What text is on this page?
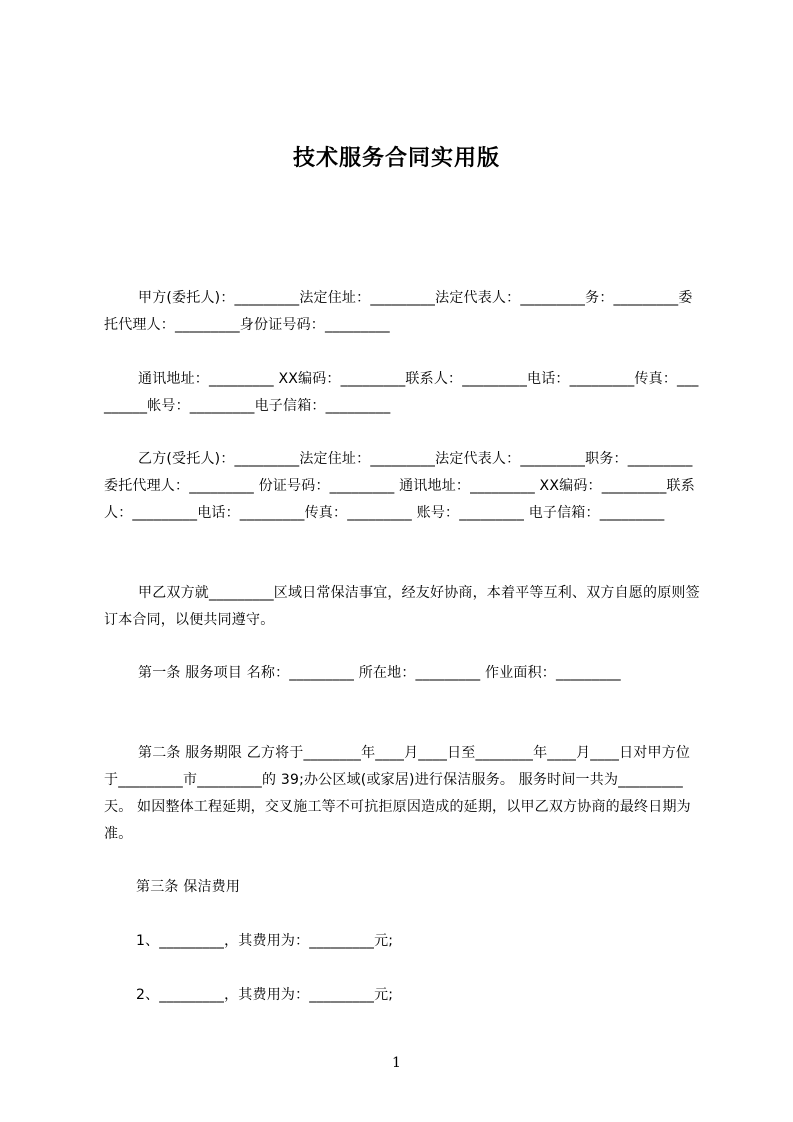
技术服务合同实用版
甲方(委托人)：_________法定住址：_________法定代表人：_________务：_________委托代理人：_________身份证号码：_________
通讯地址：_________ XX编码：_________联系人：_________电话：_________传真：_________帐号：_________电子信箱：_________
乙方(受托人)：_________法定住址：_________法定代表人：_________职务：_________委托代理人：_________ 份证号码：_________ 通讯地址：_________ XX编码：_________联系人：_________电话：_________传真：_________ 账号：_________ 电子信箱：_________
甲乙双方就_________区域日常保洁事宜，经友好协商，本着平等互利、双方自愿的原则签订本合同，以便共同遵守。
第一条 服务项目 名称：_________ 所在地：_________ 作业面积：_________
第二条 服务期限 乙方将于________年____月____日至________年____月____日对甲方位于_________市_________的 39;办公区域(或家居)进行保洁服务。 服务时间一共为_________天。 如因整体工程延期，交叉施工等不可抗拒原因造成的延期，以甲乙双方协商的最终日期为准。
第三条 保洁费用
1、_________，其费用为：_________元;
2、_________，其费用为：_________元;
1
